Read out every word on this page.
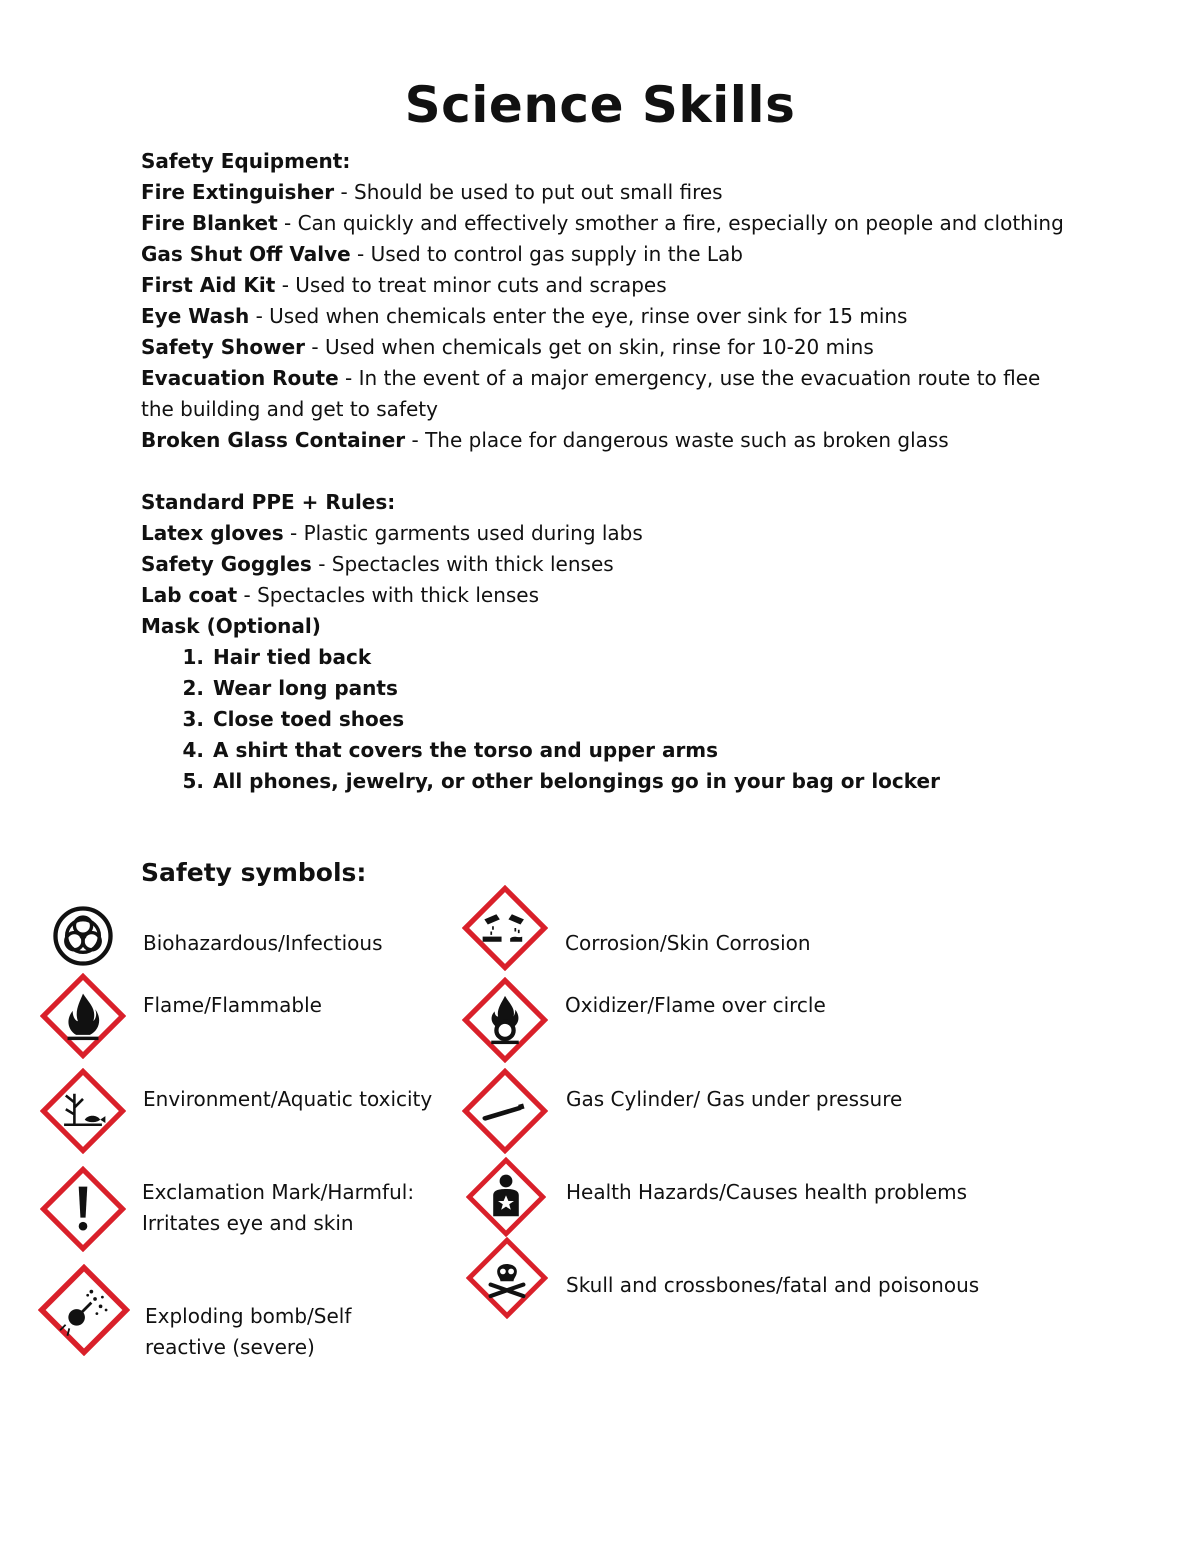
Science Skills

Safety Equipment:

Fire Extinguisher - Should be used to put out small fires

Fire Blanket - Can quickly and effectively smother a fire, especially on people and clothing

Gas Shut Off Valve - Used to control gas supply in the Lab

First Aid Kit - Used to treat minor cuts and scrapes

Eye Wash - Used when chemicals enter the eye, rinse over sink for 15 mins

Safety Shower - Used when chemicals get on skin, rinse for 10-20 mins

Evacuation Route - In the event of a major emergency, use the evacuation route to flee the building and get to safety

Broken Glass Container - The place for dangerous waste such as broken glass

Standard PPE + Rules:

Latex gloves - Plastic garments used during labs

Safety Goggles - Spectacles with thick lenses

Lab coat - Spectacles with thick lenses

Mask (Optional)

1. Hair tied back
2. Wear long pants
3. Close toed shoes
4. A shirt that covers the torso and upper arms
5. All phones, jewelry, or other belongings go in your bag or locker
Safety symbols:
Biohazardous/Infectious
Flame/Flammable
Environment/Aquatic toxicity
Exclamation Mark/Harmful:
Irritates eye and skin
Exploding bomb/Self
reactive (severe)
Corrosion/Skin Corrosion
Oxidizer/Flame over circle
Gas Cylinder/ Gas under pressure
Health Hazards/Causes health problems
Skull and crossbones/fatal and poisonous
